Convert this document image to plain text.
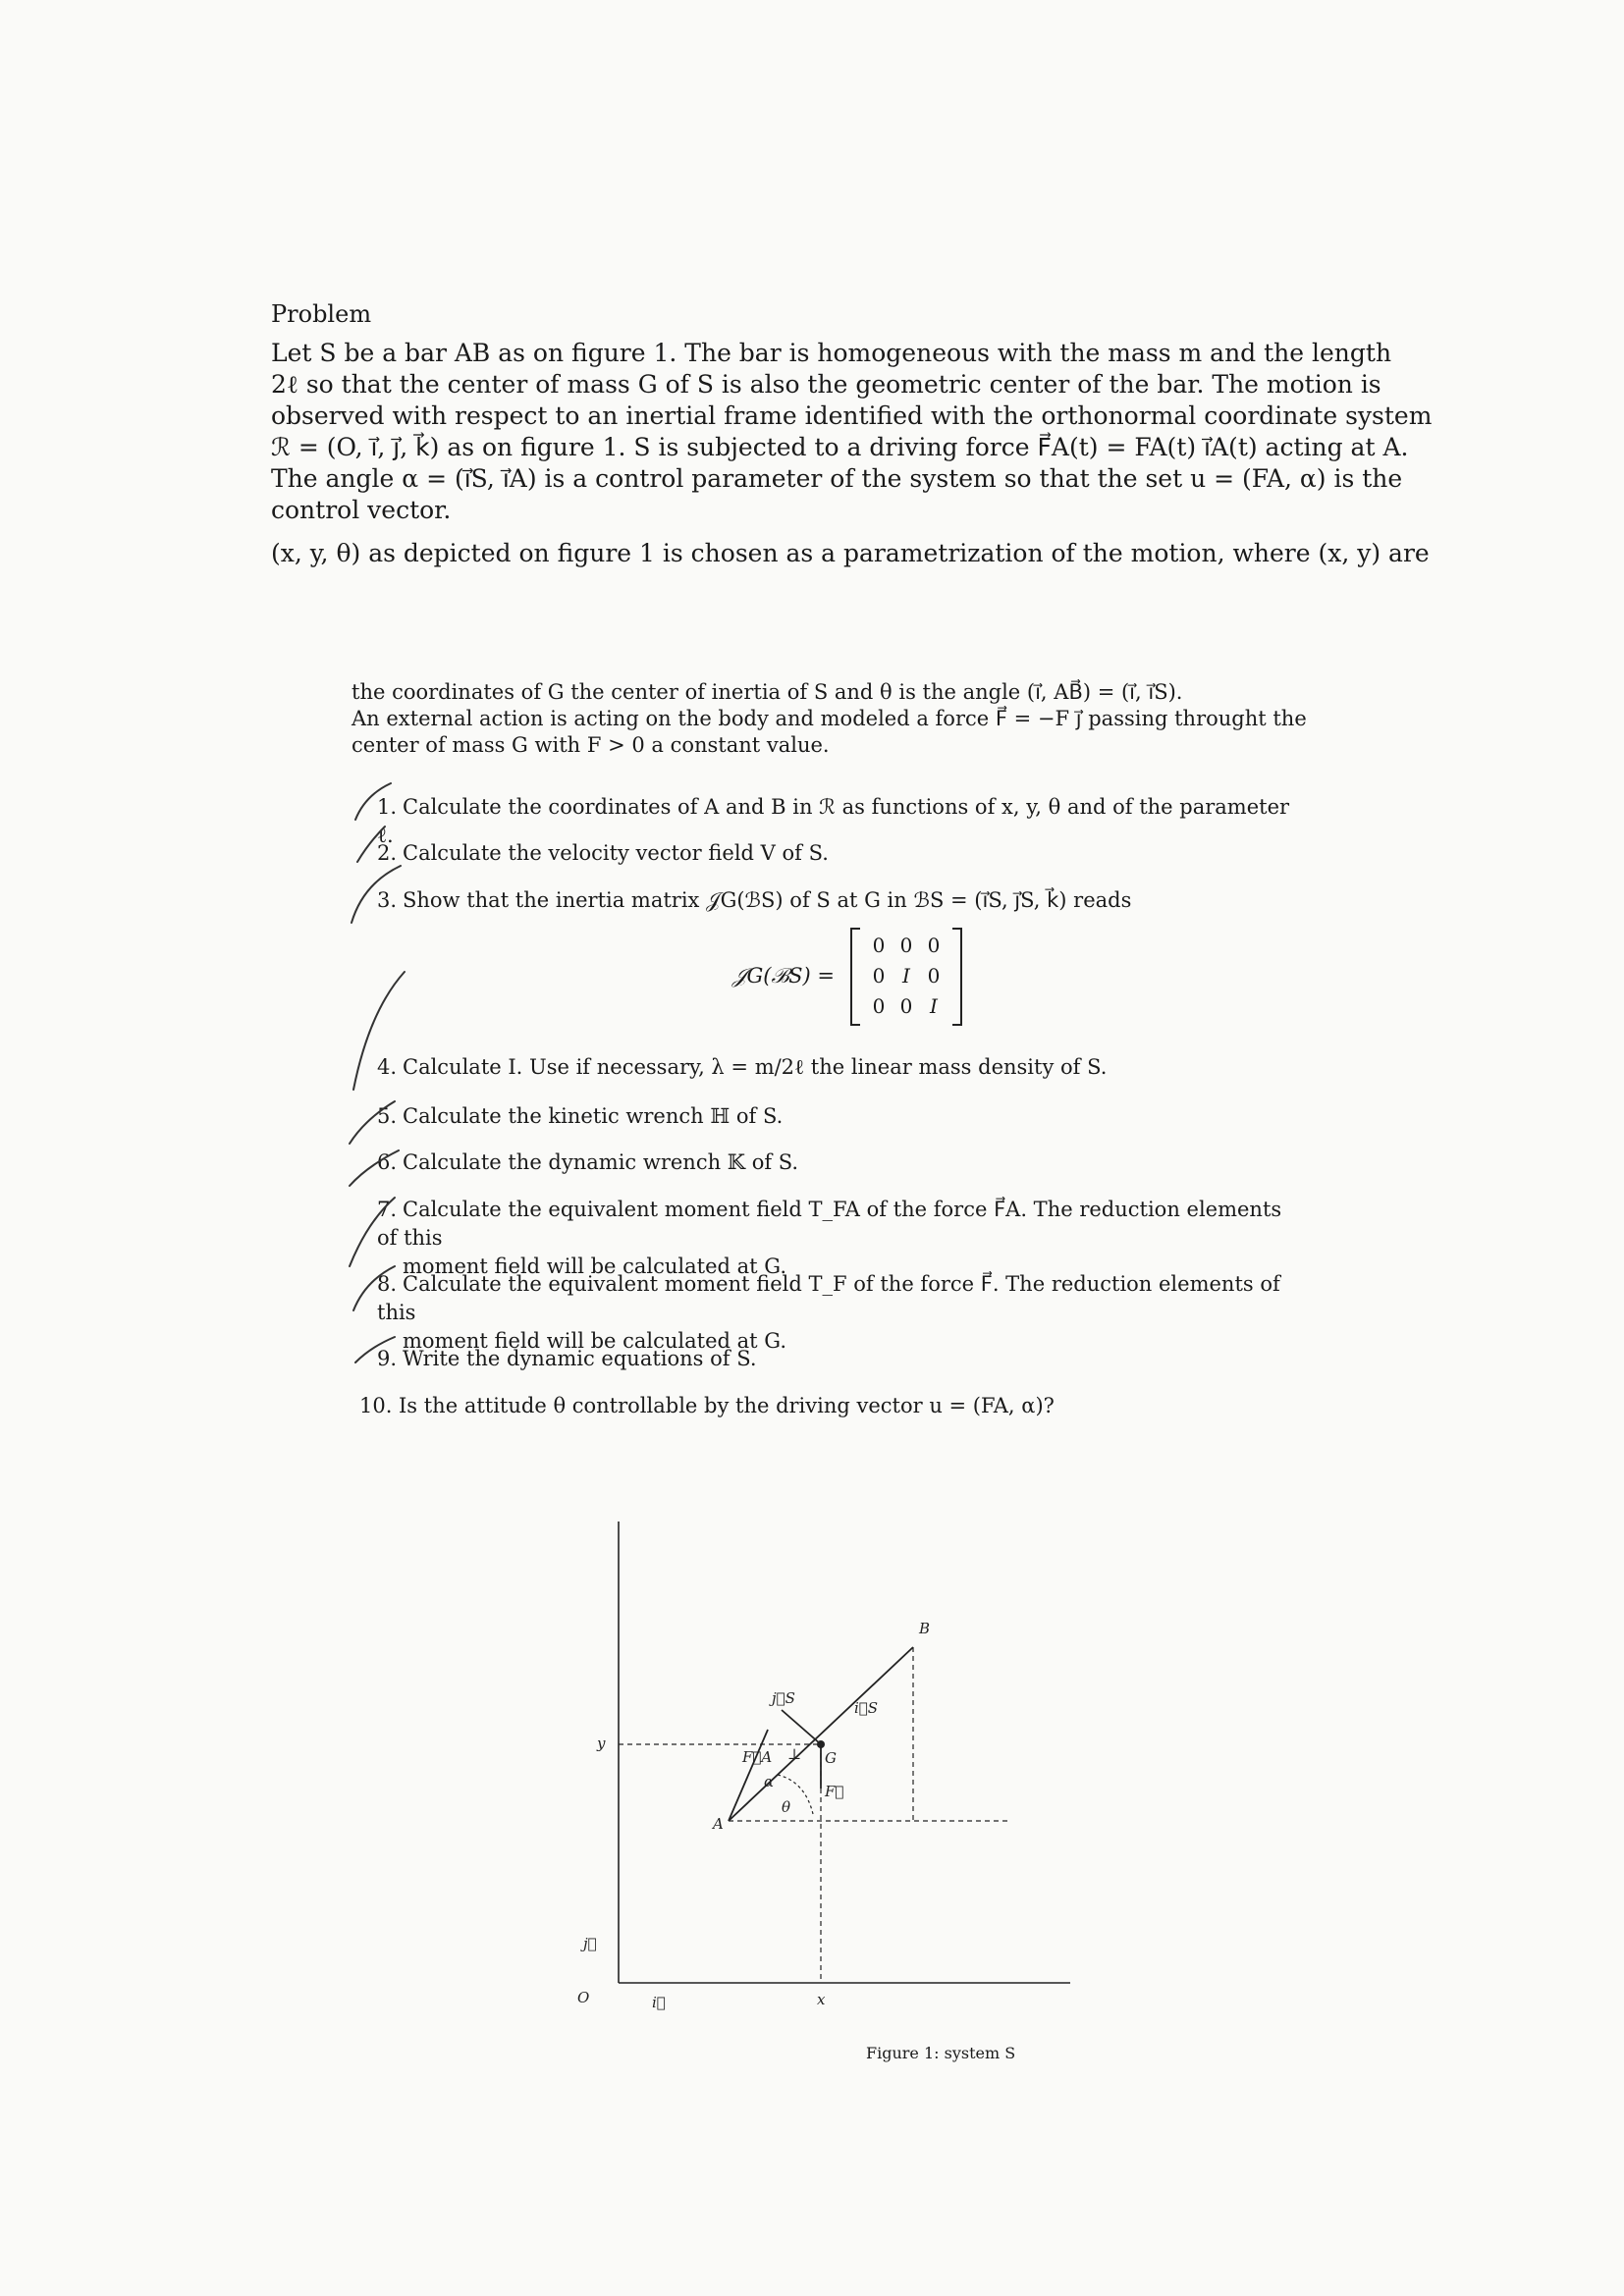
Problem
Let S be a bar AB as on figure 1. The bar is homogeneous with the mass m and the length
2ℓ so that the center of mass G of S is also the geometric center of the bar. The motion is
observed with respect to an inertial frame identified with the orthonormal coordinate system
ℛ = (O, i⃗, j⃗, k⃗) as on figure 1. S is subjected to a driving force F⃗A(t) = FA(t) i⃗A(t) acting at A.
The angle α = (i⃗S, i⃗A) is a control parameter of the system so that the set u = (FA, α) is the
control vector.
(x, y, θ) as depicted on figure 1 is chosen as a parametrization of the motion, where (x, y) are
the coordinates of G the center of inertia of S and θ is the angle (i⃗, AB⃗) = (i⃗, i⃗S).
An external action is acting on the body and modeled a force F⃗ = −F j⃗ passing throught the
center of mass G with F > 0 a constant value.
1. Calculate the coordinates of A and B in ℛ as functions of x, y, θ and of the parameter ℓ.
2. Calculate the velocity vector field V of S.
3. Show that the inertia matrix 𝒥G(ℬS) of S at G in ℬS = (i⃗S, j⃗S, k⃗) reads
𝒥G(ℬS) =
0 0 0
0 I 0
0 0 I
4. Calculate I. Use if necessary, λ = m/2ℓ the linear mass density of S.
5. Calculate the kinetic wrench ℍ of S.
6. Calculate the dynamic wrench 𝕂 of S.
7. Calculate the equivalent moment field T_FA of the force F⃗A. The reduction elements of this
moment field will be calculated at G.
8. Calculate the equivalent moment field T_F of the force F⃗. The reduction elements of this
moment field will be calculated at G.
9. Write the dynamic equations of S.
10. Is the attitude θ controllable by the driving vector u = (FA, α)?
O	i⃗
j⃗
x
y
A
B
G
j⃗S
i⃗S
F⃗A
F⃗
α
θ
⊥
Figure 1: system S
